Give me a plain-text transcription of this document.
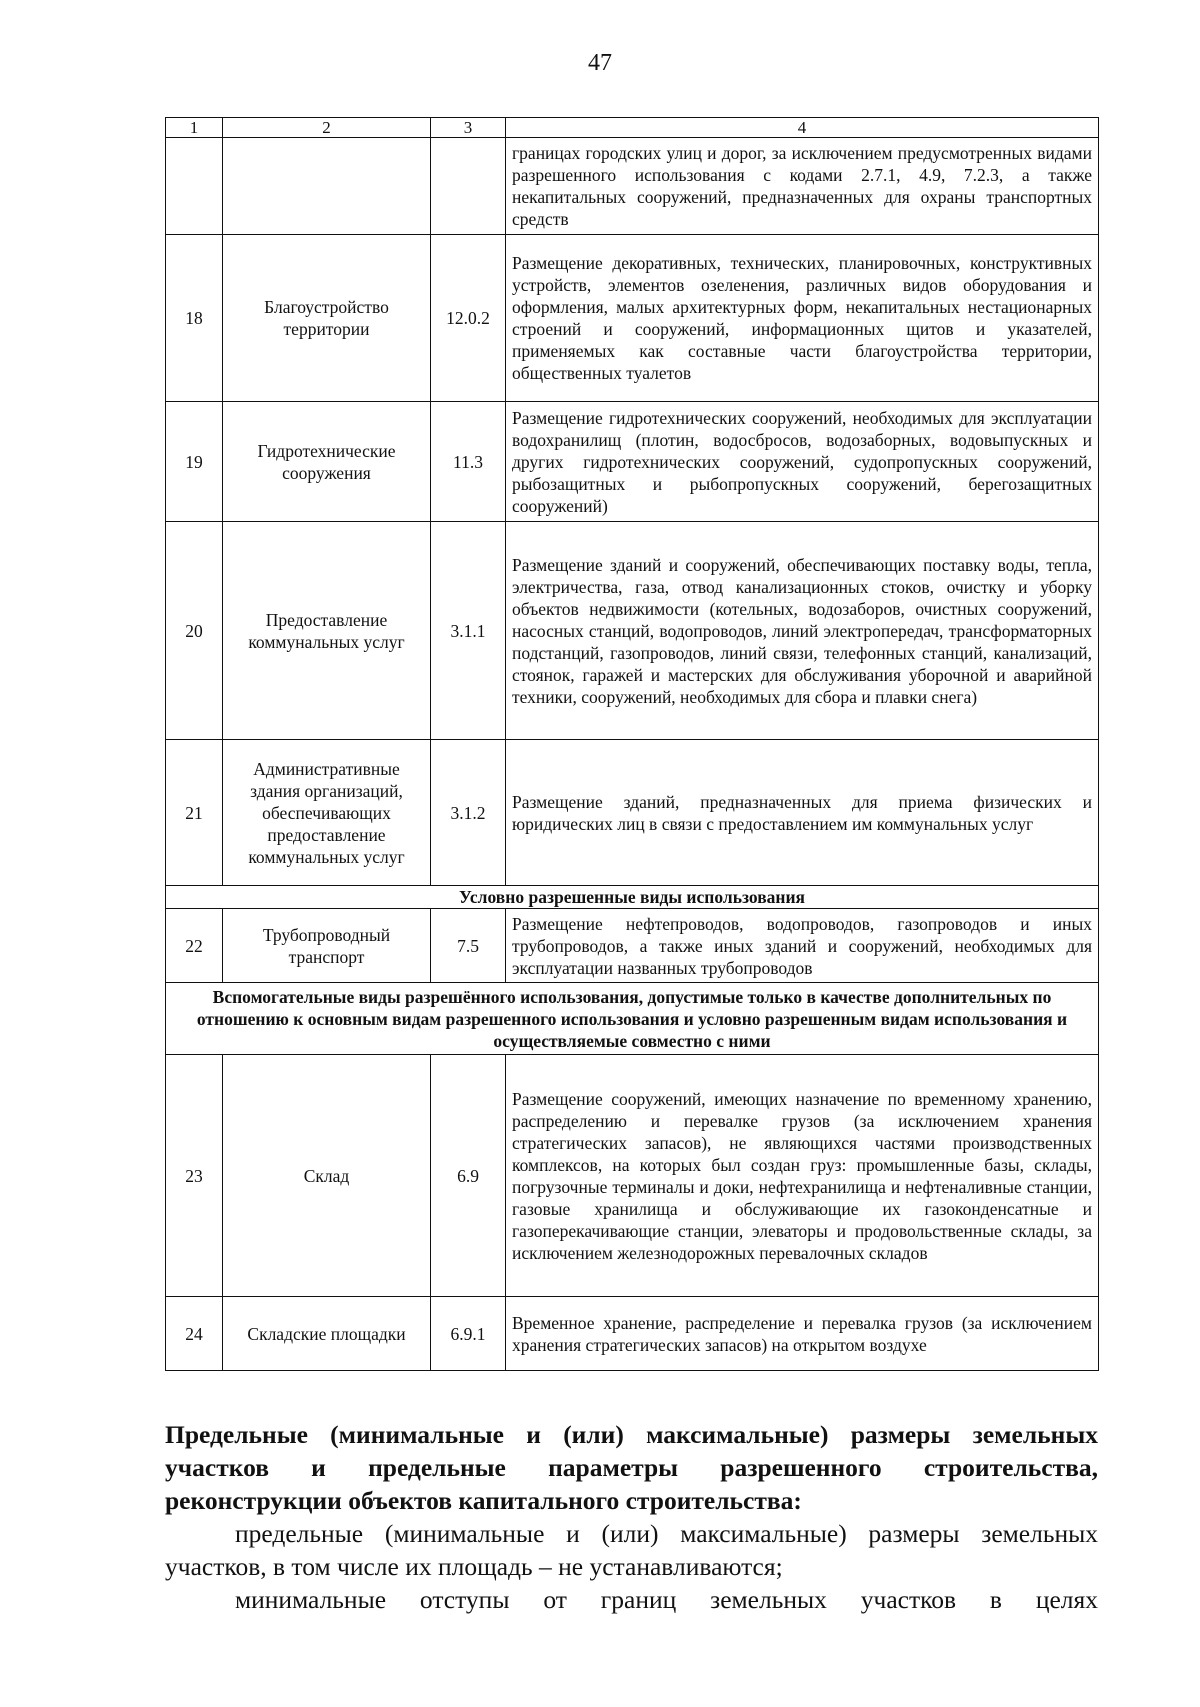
47
1	2	3	4
			границах городских улиц и дорог, за исключением предусмотренных видами разрешенного использования с кодами 2.7.1, 4.9, 7.2.3, а также некапитальных сооружений, предназначенных для охраны транспортных средств
18	Благоустройство территории	12.0.2	Размещение декоративных, технических, планировочных, конструктивных устройств, элементов озеленения, различных видов оборудования и оформления, малых архитектурных форм, некапитальных нестационарных строений и сооружений, информационных щитов и указателей, применяемых как составные части благоустройства территории, общественных туалетов
19	Гидротехнические сооружения	11.3	Размещение гидротехнических сооружений, необходимых для эксплуатации водохранилищ (плотин, водосбросов, водозаборных, водовыпускных и других гидротехнических сооружений, судопропускных сооружений, рыбозащитных и рыбопропускных сооружений, берегозащитных сооружений)
20	Предоставление коммунальных услуг	3.1.1	Размещение зданий и сооружений, обеспечивающих поставку воды, тепла, электричества, газа, отвод канализационных стоков, очистку и уборку объектов недвижимости (котельных, водозаборов, очистных сооружений, насосных станций, водопроводов, линий электропередач, трансформаторных подстанций, газопроводов, линий связи, телефонных станций, канализаций, стоянок, гаражей и мастерских для обслуживания уборочной и аварийной техники, сооружений, необходимых для сбора и плавки снега)
21	Административные здания организаций, обеспечивающих предоставление коммунальных услуг	3.1.2	Размещение зданий, предназначенных для приема физических и юридических лиц в связи с предоставлением им коммунальных услуг
Условно разрешенные виды использования			
22	Трубопроводный транспорт	7.5	Размещение нефтепроводов, водопроводов, газопроводов и иных трубопроводов, а также иных зданий и сооружений, необходимых для эксплуатации названных трубопроводов
Вспомогательные виды разрешённого использования, допустимые только в качестве дополнительных по отношению к основным видам разрешенного использования и условно разрешенным видам использования и осуществляемые совместно с ними			
23	Склад	6.9	Размещение сооружений, имеющих назначение по временному хранению, распределению и перевалке грузов (за исключением хранения стратегических запасов), не являющихся частями производственных комплексов, на которых был создан груз: промышленные базы, склады, погрузочные терминалы и доки, нефтехранилища и нефтеналивные станции, газовые хранилища и обслуживающие их газоконденсатные и газоперекачивающие станции, элеваторы и продовольственные склады, за исключением железнодорожных перевалочных складов
24	Складские площадки	6.9.1	Временное хранение, распределение и перевалка грузов (за исключением хранения стратегических запасов) на открытом воздухе

Предельные (минимальные и (или) максимальные) размеры земельных участков и предельные параметры разрешенного строительства, реконструкции объектов капитального строительства:

предельные (минимальные и (или) максимальные) размеры земельных участков, в том числе их площадь – не устанавливаются;

минимальные отступы от границ земельных участков в целях
